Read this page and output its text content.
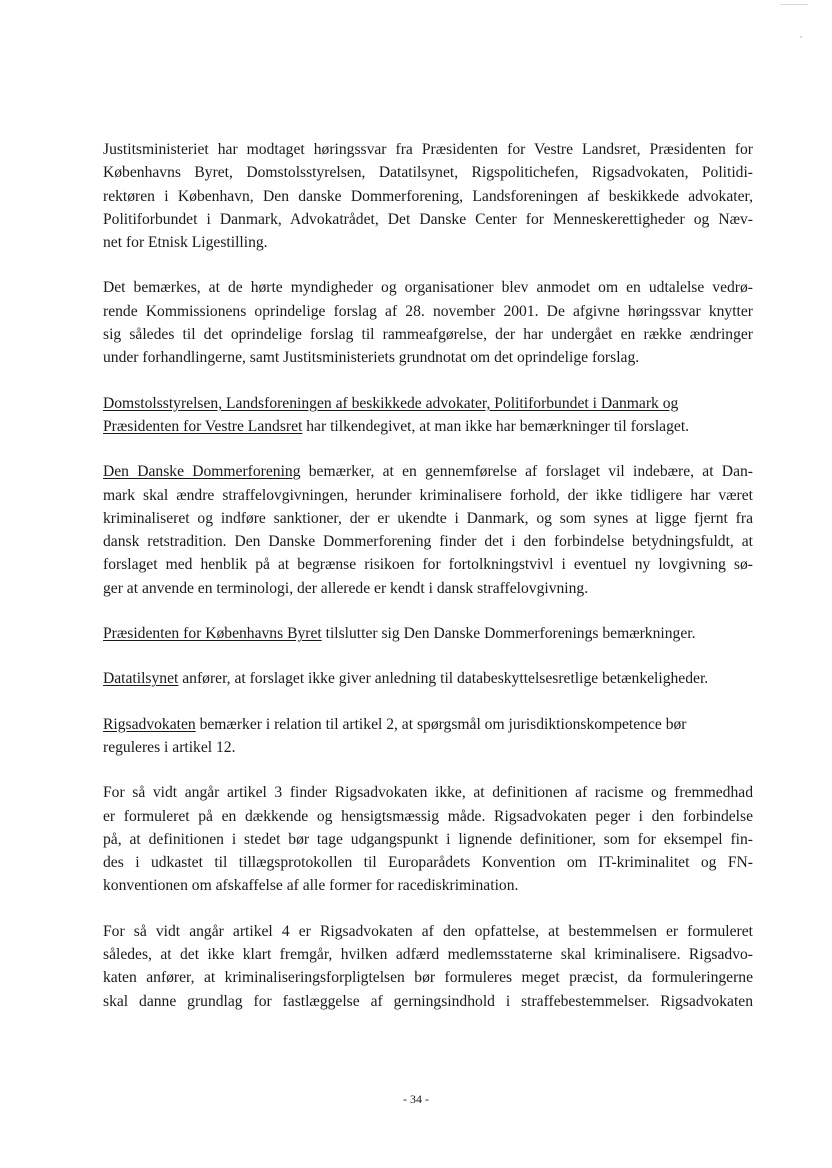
Justitsministeriet har modtaget høringssvar fra Præsidenten for Vestre Landsret, Præsidenten for
Københavns Byret, Domstolsstyrelsen, Datatilsynet, Rigspolitichefen, Rigsadvokaten, Politidi-
rektøren i København, Den danske Dommerforening, Landsforeningen af beskikkede advokater,
Politiforbundet i Danmark, Advokatrådet, Det Danske Center for Menneskerettigheder og Næv-
net for Etnisk Ligestilling.

Det bemærkes, at de hørte myndigheder og organisationer blev anmodet om en udtalelse vedrø-
rende Kommissionens oprindelige forslag af 28. november 2001. De afgivne høringssvar knytter
sig således til det oprindelige forslag til rammeafgørelse, der har undergået en række ændringer
under forhandlingerne, samt Justitsministeriets grundnotat om det oprindelige forslag.

Domstolsstyrelsen, Landsforeningen af beskikkede advokater, Politiforbundet i Danmark og
Præsidenten for Vestre Landsret har tilkendegivet, at man ikke har bemærkninger til forslaget.

Den Danske Dommerforening bemærker, at en gennemførelse af forslaget vil indebære, at Dan-
mark skal ændre straffelovgivningen, herunder kriminalisere forhold, der ikke tidligere har været
kriminaliseret og indføre sanktioner, der er ukendte i Danmark, og som synes at ligge fjernt fra
dansk retstradition. Den Danske Dommerforening finder det i den forbindelse betydningsfuldt, at
forslaget med henblik på at begrænse risikoen for fortolkningstvivl i eventuel ny lovgivning sø-
ger at anvende en terminologi, der allerede er kendt i dansk straffelovgivning.

Præsidenten for Københavns Byret tilslutter sig Den Danske Dommerforenings bemærkninger.

Datatilsynet anfører, at forslaget ikke giver anledning til databeskyttelsesretlige betænkeligheder.

Rigsadvokaten bemærker i relation til artikel 2, at spørgsmål om jurisdiktionskompetence bør
reguleres i artikel 12.

For så vidt angår artikel 3 finder Rigsadvokaten ikke, at definitionen af racisme og fremmedhad
er formuleret på en dækkende og hensigtsmæssig måde. Rigsadvokaten peger i den forbindelse
på, at definitionen i stedet bør tage udgangspunkt i lignende definitioner, som for eksempel fin-
des i udkastet til tillægsprotokollen til Europarådets Konvention om IT-kriminalitet og FN-
konventionen om afskaffelse af alle former for racediskrimination.

For så vidt angår artikel 4 er Rigsadvokaten af den opfattelse, at bestemmelsen er formuleret
således, at det ikke klart fremgår, hvilken adfærd medlemsstaterne skal kriminalisere. Rigsadvo-
katen anfører, at kriminaliseringsforpligtelsen bør formuleres meget præcist, da formuleringerne
skal danne grundlag for fastlæggelse af gerningsindhold i straffebestemmelser. Rigsadvokaten

- 34 -
